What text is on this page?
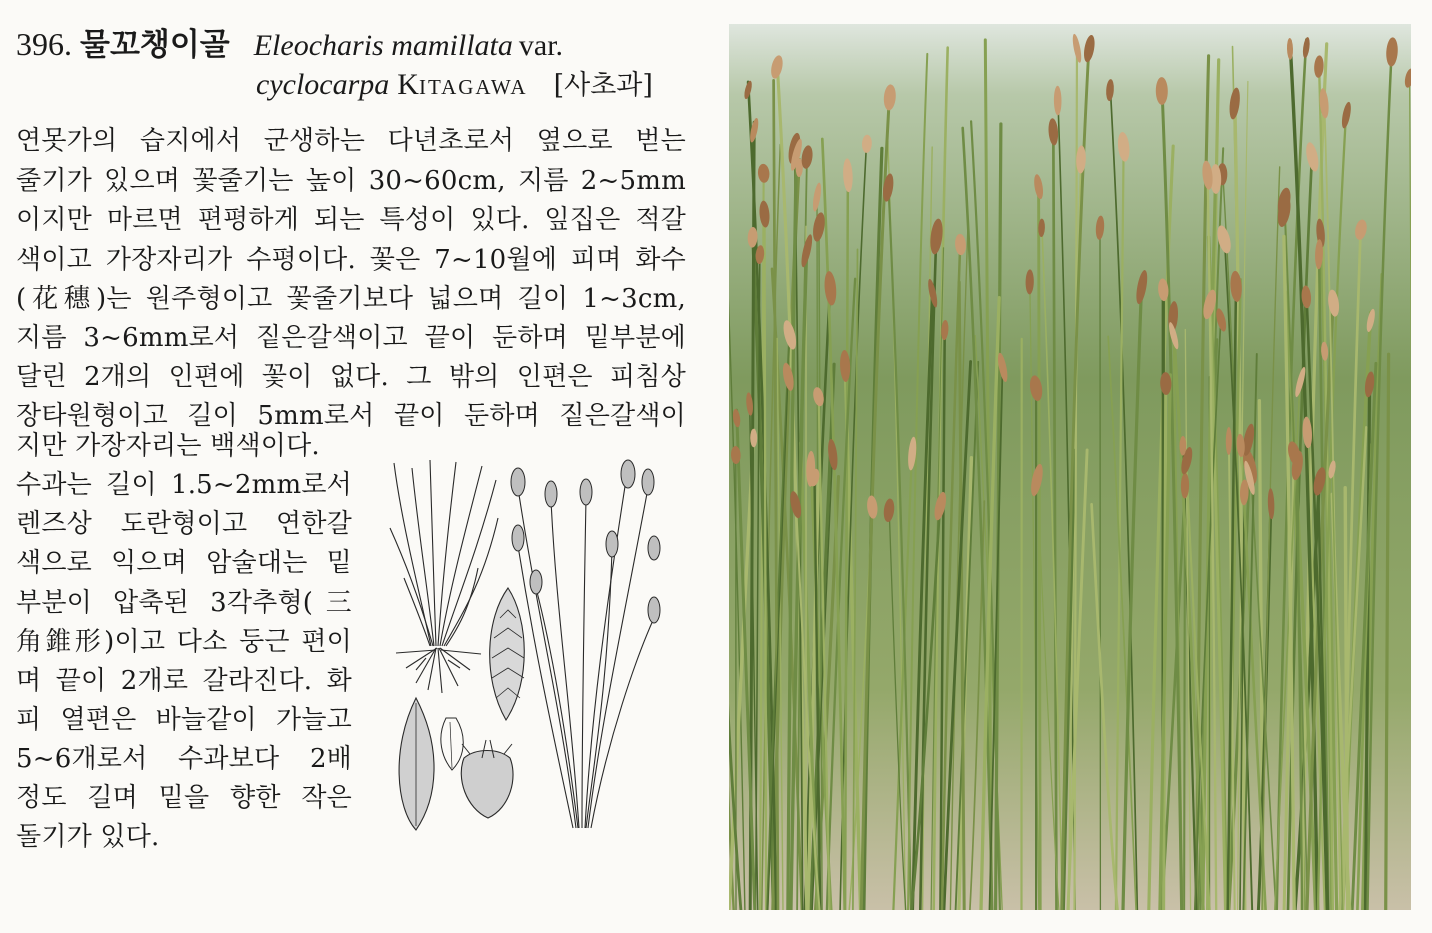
396. 물꼬챙이골 Eleocharis mamillata var.
cyclocarpa KITAGAWA [사초과]
연못가의 습지에서 군생하는 다년초로서 옆으로 벋는
줄기가 있으며 꽃줄기는 높이 30~60cm, 지름 2~5mm
이지만 마르면 편평하게 되는 특성이 있다. 잎집은 적갈
색이고 가장자리가 수평이다. 꽃은 7~10월에 피며 화수
(花穗)는 원주형이고 꽃줄기보다 넓으며 길이 1~3cm,
지름 3~6mm로서 짙은갈색이고 끝이 둔하며 밑부분에
달린 2개의 인편에 꽃이 없다. 그 밖의 인편은 피침상
장타원형이고 길이 5mm로서 끝이 둔하며 짙은갈색이
지만 가장자리는 백색이다.
수과는 길이 1.5~2mm로서
렌즈상 도란형이고 연한갈
색으로 익으며 암술대는 밑
부분이 압축된 3각추형(三
角錐形)이고 다소 둥근 편이
며 끝이 2개로 갈라진다. 화
피 열편은 바늘같이 가늘고
5~6개로서 수과보다 2배
정도 길며 밑을 향한 작은
돌기가 있다.
